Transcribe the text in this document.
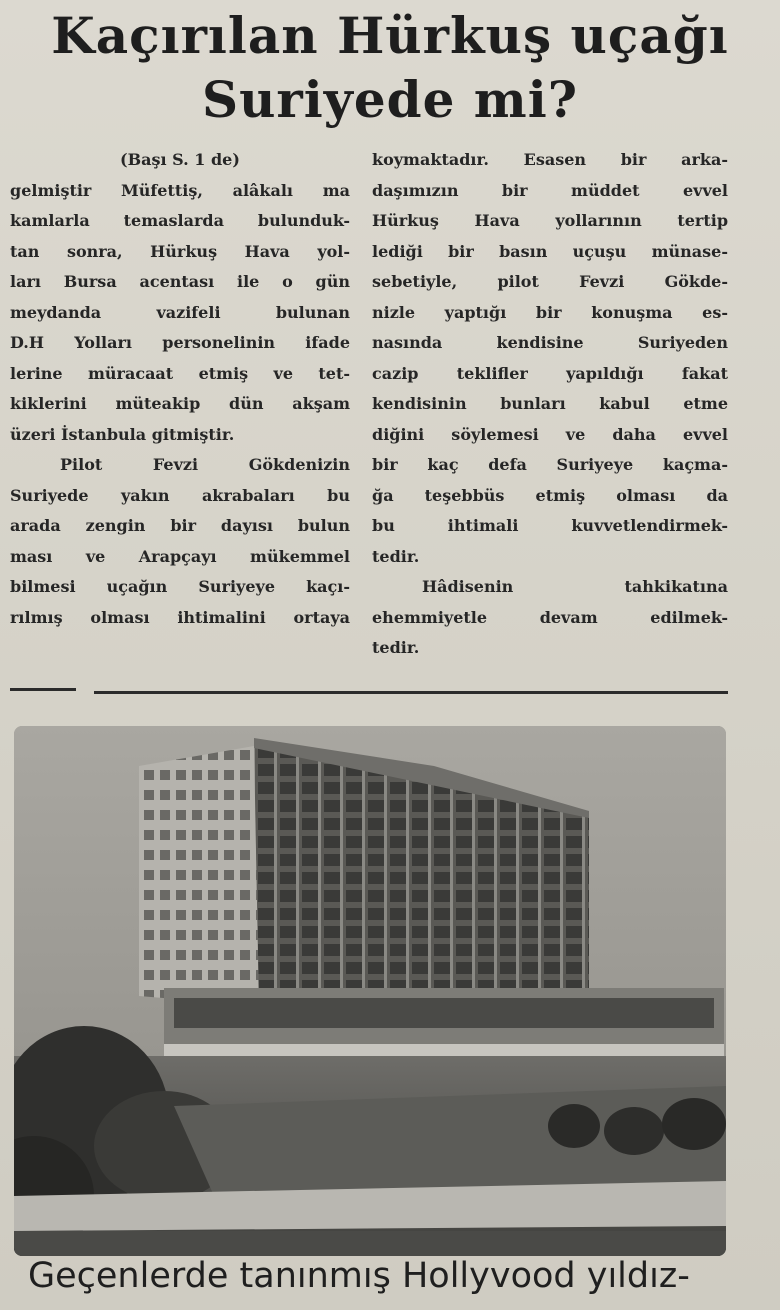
Kaçırılan Hürkuş uçağı
Suriyede mi?
(Başı S. 1 de)
gelmiştir Müfettiş, alâkalı ma
kamlarla temaslarda bulunduk-
tan sonra, Hürkuş Hava yol-
ları Bursa acentası ile o gün
meydanda vazifeli bulunan
D.H Yolları personelinin ifade
lerine müracaat etmiş ve tet-
kiklerini müteakip dün akşam
üzeri İstanbula gitmiştir.
Pilot Fevzi Gökdenizin
Suriyede yakın akrabaları bu
arada zengin bir dayısı bulun
ması ve Arapçayı mükemmel
bilmesi uçağın Suriyeye kaçı-
rılmış olması ihtimalini ortaya
koymaktadır. Esasen bir arka-
daşımızın bir müddet evvel
Hürkuş Hava yollarının tertip
lediği bir basın uçuşu münase-
sebetiyle, pilot Fevzi Gökde-
nizle yaptığı bir konuşma es-
nasında kendisine Suriyeden
cazip teklifler yapıldığı fakat
kendisinin bunları kabul etme
diğini söylemesi ve daha evvel
bir kaç defa Suriyeye kaçma-
ğa teşebbüs etmiş olması da
bu ihtimali kuvvetlendirmek-
tedir.
Hâdisenin tahkikatına
ehemmiyetle devam edilmek-
tedir.
Geçenlerde tanınmış Hollyvood yıldız-
